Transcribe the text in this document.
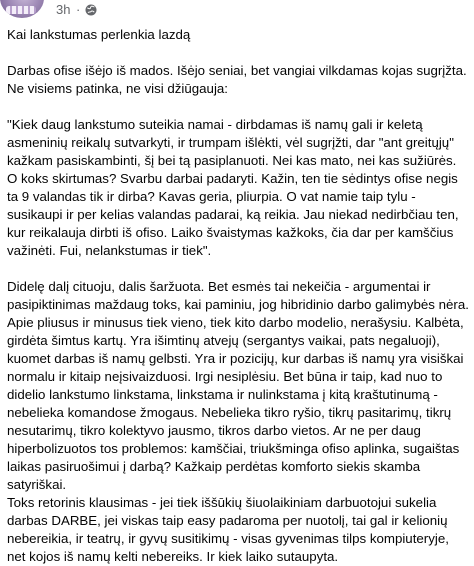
3h ·

Kai lankstumas perlenkia lazdą

Darbas ofise išėjo iš mados. Išėjo seniai, bet vangiai vilkdamas kojas sugrįžta. Ne visiems patinka, ne visi džiūgauja:

"Kiek daug lankstumo suteikia namai - dirbdamas iš namų gali ir keletą asmeninių reikalų sutvarkyti, ir trumpam išlėkti, vėl sugrįžti, dar "ant greitųjų" kažkam pasiskambinti, šį bei tą pasiplanuoti. Nei kas mato, nei kas sužiūrės. O koks skirtumas? Svarbu darbai padaryti. Kažin, ten tie sėdintys ofise negis ta 9 valandas tik ir dirba? Kavas geria, pliurpia. O vat namie taip tylu - susikaupi ir per kelias valandas padarai, ką reikia. Jau niekad nedirbčiau ten, kur reikalauja dirbti iš ofiso. Laiko švaistymas kažkoks, čia dar per kamščius važinėti. Fui, nelankstumas ir tiek".

Didelę dalį cituoju, dalis šaržuota. Bet esmės tai nekeičia - argumentai ir pasipiktinimas maždaug toks, kai paminiu, jog hibridinio darbo galimybės nėra. Apie pliusus ir minusus tiek vieno, tiek kito darbo modelio, nerašysiu. Kalbėta, girdėta šimtus kartų. Yra išimtinų atvejų (sergantys vaikai, pats negaluoji), kuomet darbas iš namų gelbsti. Yra ir pozicijų, kur darbas iš namų yra visiškai normalu ir kitaip neįsivaizduosi. Irgi nesiplėsiu. Bet būna ir taip, kad nuo to didelio lankstumo linkstama, linkstama ir nulinkstama į kitą kraštutinumą - nebelieka komandose žmogaus. Nebelieka tikro ryšio, tikrų pasitarimų, tikrų nesutarimų, tikro kolektyvo jausmo, tikros darbo vietos. Ar ne per daug hiperbolizuotos tos problemos: kamščiai, triukšminga ofiso aplinka, sugaištas laikas pasiruošimui į darbą? Kažkaip perdėtas komforto siekis skamba satyriškai.

Toks retorinis klausimas - jei tiek iššūkių šiuolaikiniam darbuotojui sukelia darbas DARBE, jei viskas taip easy padaroma per nuotolį, tai gal ir kelionių nebereikia, ir teatrų, ir gyvų susitikimų - visas gyvenimas tilps kompiuteryje, net kojos iš namų kelti nebereiks. Ir kiek laiko sutaupyta.
